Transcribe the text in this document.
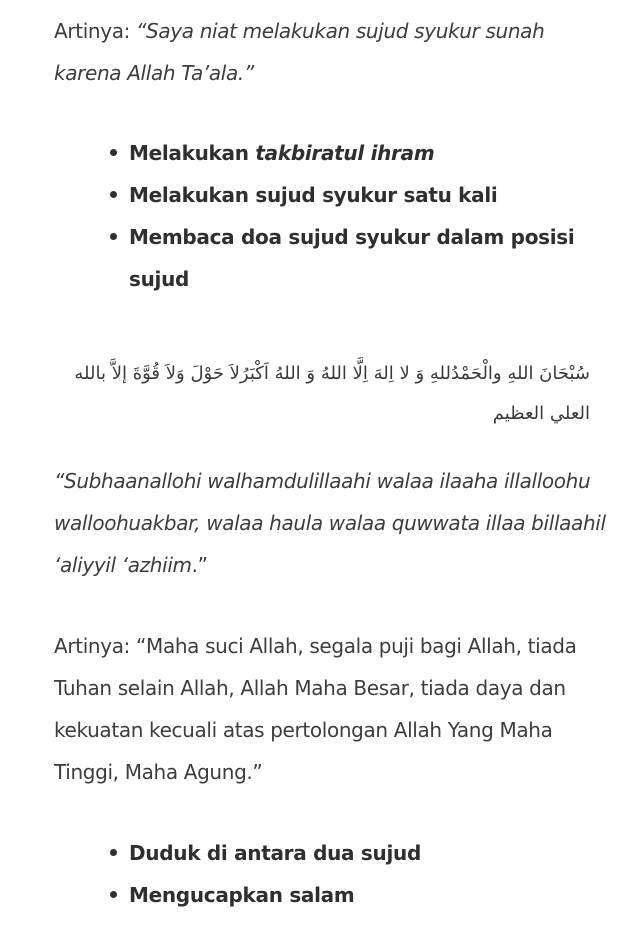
Artinya: “Saya niat melakukan sujud syukur sunah karena Allah Ta’ala.”

Melakukan takbiratul ihram
Melakukan sujud syukur satu kali
Membaca doa sujud syukur dalam posisi sujud

سُبْحَانَ اللهِ والْحَمْدُللهِ وَ لا اِلهَ اِلَّا اللهُ وَ اللهُ اَكْبَرُلاَ حَوْلَ وَلاَ قُوَّةَ إلاَّ بالله العلي العظيم

“Subhaanallohi walhamdulillaahi walaa ilaaha illalloohu walloohuakbar, walaa haula walaa quwwata illaa billaahil ‘aliyyil ‘azhiim.”

Artinya: “Maha suci Allah, segala puji bagi Allah, tiada Tuhan selain Allah, Allah Maha Besar, tiada daya dan kekuatan kecuali atas pertolongan Allah Yang Maha Tinggi, Maha Agung.”

Duduk di antara dua sujud
Mengucapkan salam
